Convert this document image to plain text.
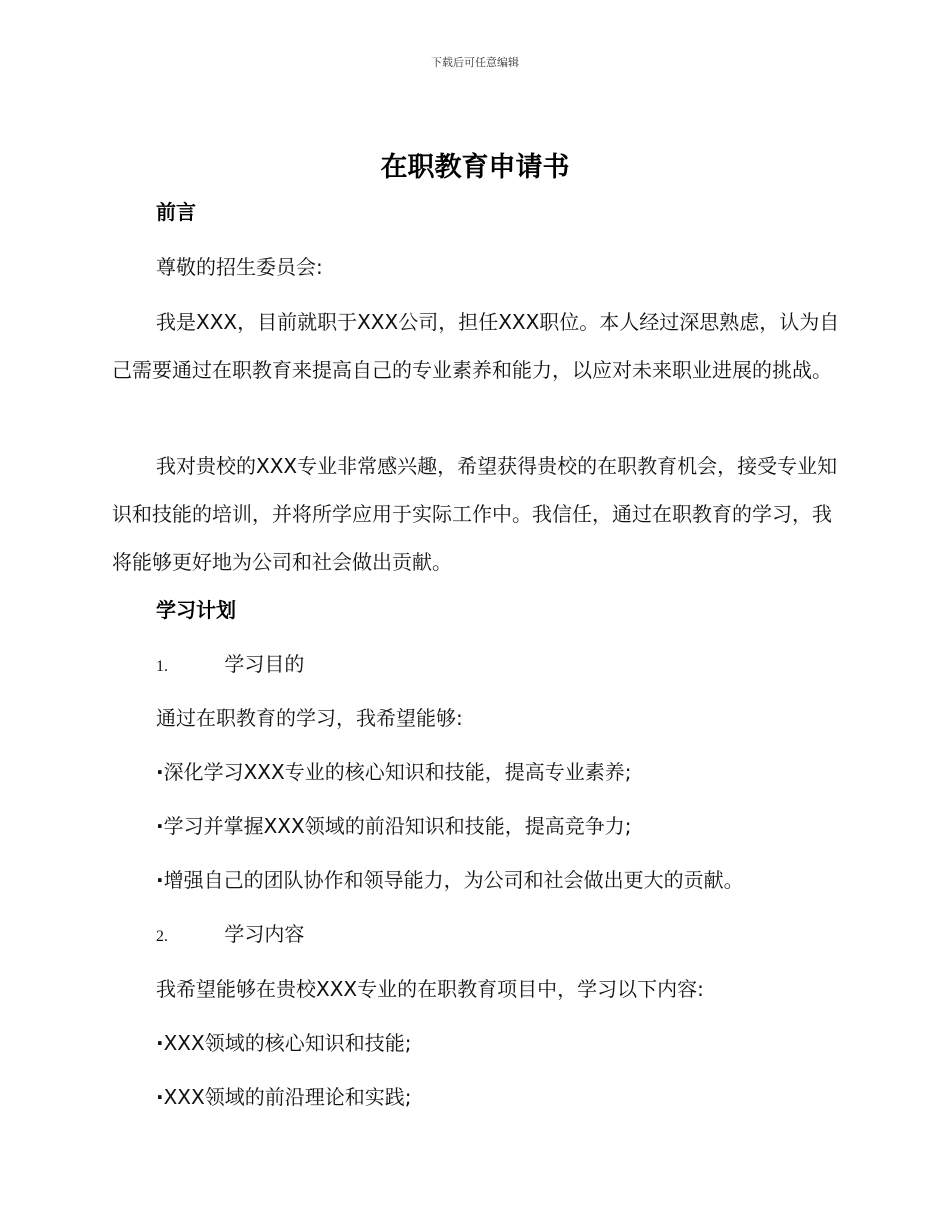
下载后可任意编辑
在职教育申请书
前言
尊敬的招生委员会:
我是XXX，目前就职于XXX公司，担任XXX职位。本人经过深思熟虑，认为自己需要通过在职教育来提高自己的专业素养和能力，以应对未来职业进展的挑战。
我对贵校的XXX专业非常感兴趣，希望获得贵校的在职教育机会，接受专业知识和技能的培训，并将所学应用于实际工作中。我信任，通过在职教育的学习，我将能够更好地为公司和社会做出贡献。
学习计划
1.	学习目的
通过在职教育的学习，我希望能够:
·深化学习XXX专业的核心知识和技能，提高专业素养;
·学习并掌握XXX领域的前沿知识和技能，提高竞争力;
·增强自己的团队协作和领导能力，为公司和社会做出更大的贡献。
2.	学习内容
我希望能够在贵校XXX专业的在职教育项目中，学习以下内容:
·XXX领域的核心知识和技能;
·XXX领域的前沿理论和实践;
